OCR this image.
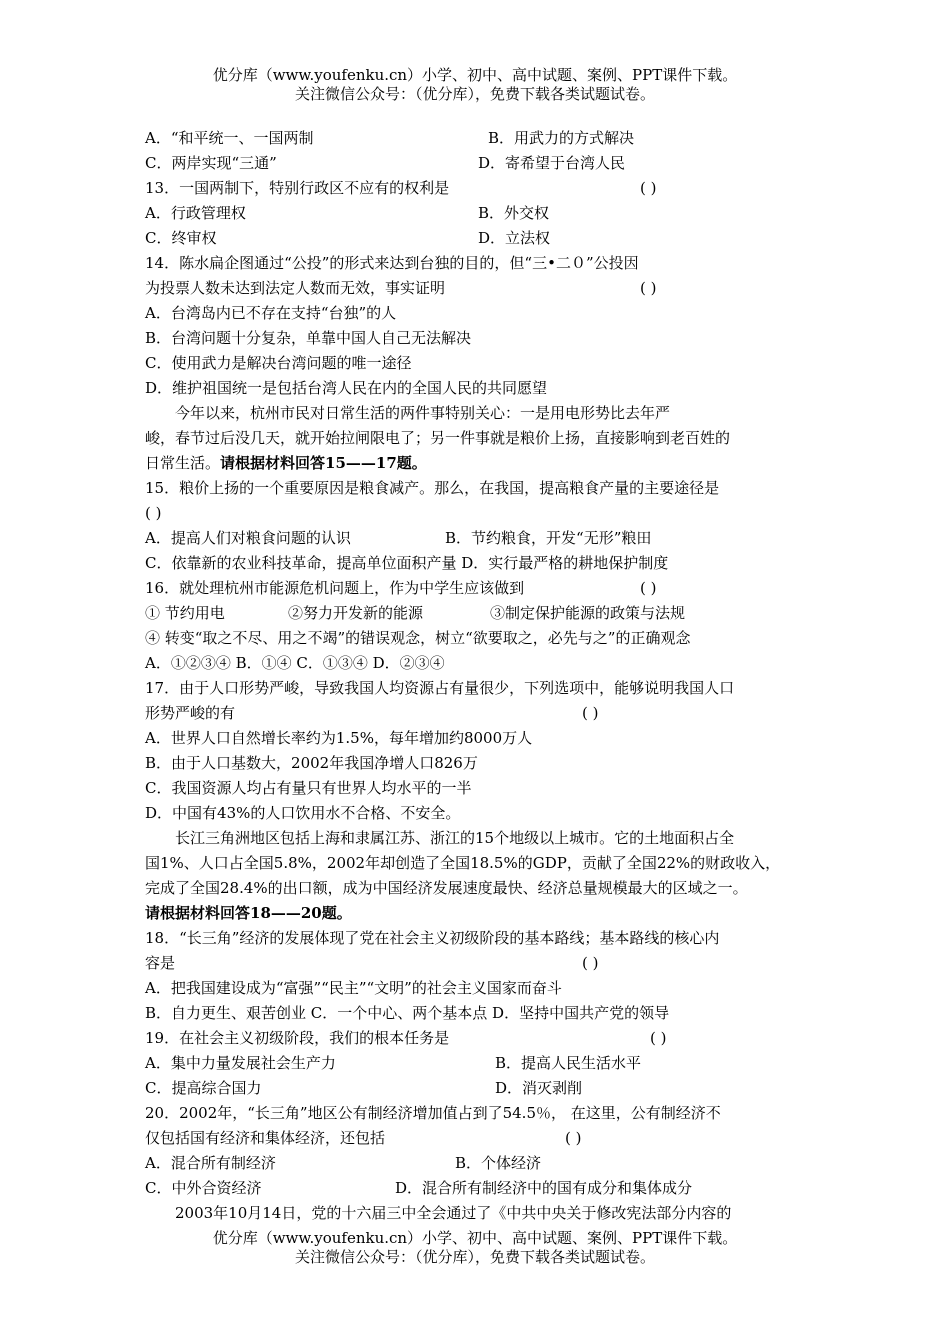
优分库（www.youfenku.cn）小学、初中、高中试题、案例、PPT课件下载。
关注微信公众号：（优分库），免费下载各类试题试卷。
A．“和平统一、一国两制	B．用武力的方式解决
C．两岸实现“三通”	D．寄希望于台湾人民
13．一国两制下，特别行政区不应有的权利是	( )
A．行政管理权	B．外交权
C．终审权	D．立法权
14．陈水扁企图通过“公投”的形式来达到台独的目的，但“三•二０”公投因
为投票人数未达到法定人数而无效，事实证明	( )
A．台湾岛内已不存在支持“台独”的人
B．台湾问题十分复杂，单靠中国人自己无法解决
C．使用武力是解决台湾问题的唯一途径
D．维护祖国统一是包括台湾人民在内的全国人民的共同愿望
今年以来，杭州市民对日常生活的两件事特别关心：一是用电形势比去年严
峻，春节过后没几天，就开始拉闸限电了；另一件事就是粮价上扬，直接影响到老百姓的
日常生活。请根据材料回答15——17题。
15．粮价上扬的一个重要原因是粮食减产。那么，在我国，提高粮食产量的主要途径是
( )
A．提高人们对粮食问题的认识	B．节约粮食，开发“无形”粮田
C．依靠新的农业科技革命，提高单位面积产量 D．实行最严格的耕地保护制度
16．就处理杭州市能源危机问题上，作为中学生应该做到	( )
① 节约用电	②努力开发新的能源	③制定保护能源的政策与法规
④ 转变“取之不尽、用之不竭”的错误观念，树立“欲要取之，必先与之”的正确观念
A．①②③④ B．①④ C．①③④ D．②③④
17．由于人口形势严峻，导致我国人均资源占有量很少，下列选项中，能够说明我国人口
形势严峻的有	( )
A．世界人口自然增长率约为1.5%，每年增加约8000万人
B．由于人口基数大，2002年我国净增人口826万
C．我国资源人均占有量只有世界人均水平的一半
D．中国有43%的人口饮用水不合格、不安全。
长江三角洲地区包括上海和隶属江苏、浙江的15个地级以上城市。它的土地面积占全
国1%、人口占全国5.8%，2002年却创造了全国18.5%的GDP，贡献了全国22%的财政收入，
完成了全国28.4%的出口额，成为中国经济发展速度最快、经济总量规模最大的区域之一。
请根据材料回答18——20题。
18．“长三角”经济的发展体现了党在社会主义初级阶段的基本路线；基本路线的核心内
容是	( )
A．把我国建设成为“富强”“民主”“文明”的社会主义国家而奋斗
B．自力更生、艰苦创业 C．一个中心、两个基本点 D．坚持中国共产党的领导
19．在社会主义初级阶段，我们的根本任务是	( )
A．集中力量发展社会生产力	B．提高人民生活水平
C．提高综合国力	D．消灭剥削
20．2002年，“长三角”地区公有制经济增加值占到了54.5％， 在这里，公有制经济不
仅包括国有经济和集体经济，还包括	( )
A．混合所有制经济	B．个体经济
C．中外合资经济	D．混合所有制经济中的国有成分和集体成分
2003年10月14日，党的十六届三中全会通过了《中共中央关于修改宪法部分内容的
优分库（www.youfenku.cn）小学、初中、高中试题、案例、PPT课件下载。
关注微信公众号：（优分库），免费下载各类试题试卷。
